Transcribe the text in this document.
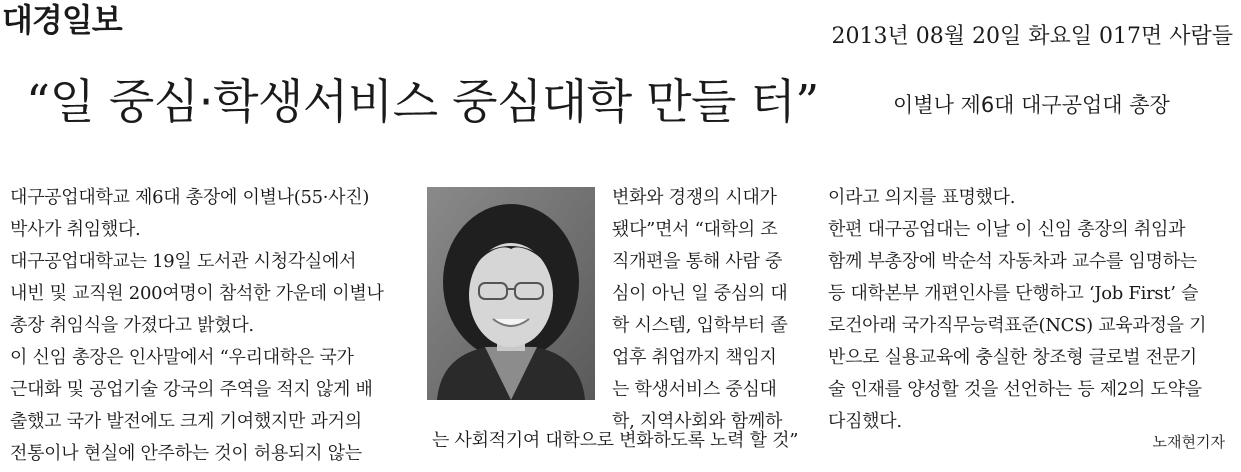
대경일보	2013년 08월 20일 화요일 017면 사람들
“일 중심·학생서비스 중심대학 만들 터”	이별나 제6대 대구공업대 총장
대구공업대학교 제6대 총장에 이별나(55·사진)
박사가 취임했다.
대구공업대학교는 19일 도서관 시청각실에서
내빈 및 교직원 200여명이 참석한 가운데 이별나
총장 취임식을 가졌다고 밝혔다.
이 신임 총장은 인사말에서 “우리대학은 국가
근대화 및 공업기술 강국의 주역을 적지 않게 배
출했고 국가 발전에도 크게 기여했지만 과거의
전통이나 현실에 안주하는 것이 허용되지 않는
변화와 경쟁의 시대가
됐다”면서 “대학의 조
직개편을 통해 사람 중
심이 아닌 일 중심의 대
학 시스템, 입학부터 졸
업후 취업까지 책임지
는 학생서비스 중심대
학, 지역사회와 함께하
는 사회적기여 대학으로 변화하도록 노력 할 것”
이라고 의지를 표명했다.
한편 대구공업대는 이날 이 신임 총장의 취임과
함께 부총장에 박순석 자동차과 교수를 임명하는
등 대학본부 개편인사를 단행하고 ‘Job First’ 슬
로건아래 국가직무능력표준(NCS) 교육과정을 기
반으로 실용교육에 충실한 창조형 글로벌 전문기
술 인재를 양성할 것을 선언하는 등 제2의 도약을
다짐했다.
노재현기자
